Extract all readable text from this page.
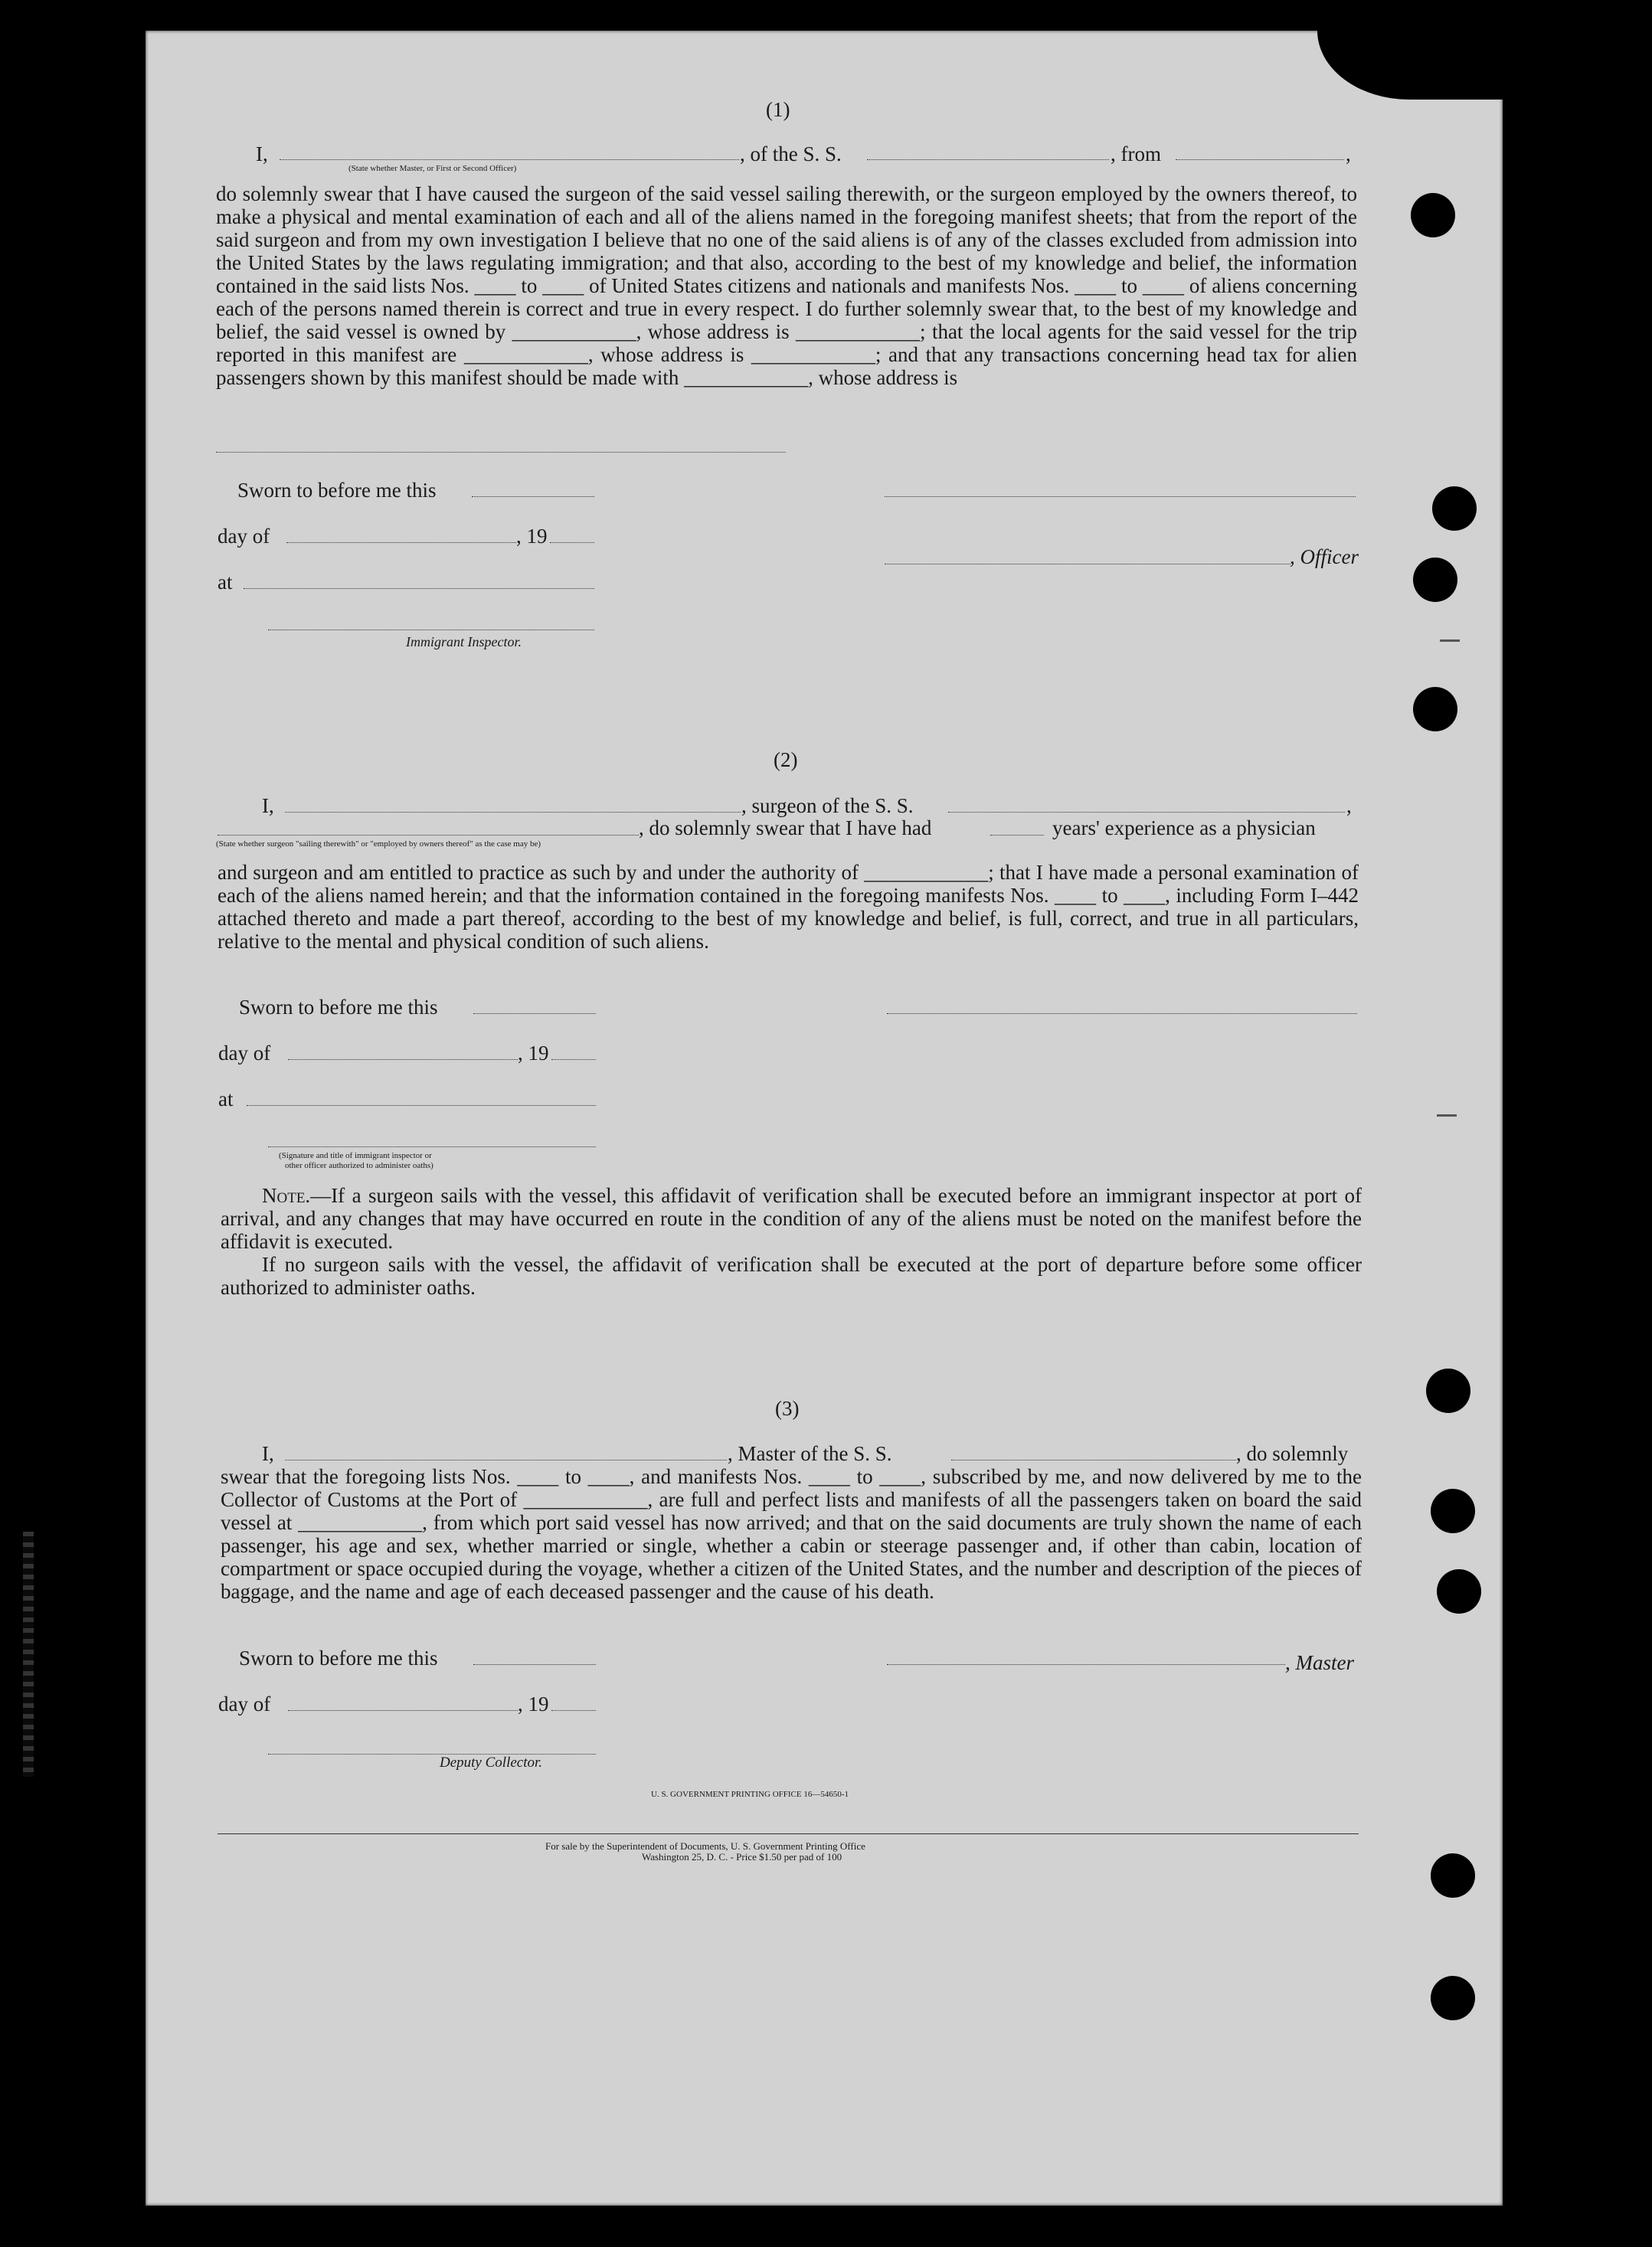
(1)
I,	, of the S. S.	, from	,
(State whether Master, or First or Second Officer)
do solemnly swear that I have caused the surgeon of the said vessel sailing therewith, or the surgeon employed by the owners thereof, to make a physical and mental examination of each and all of the aliens named in the foregoing manifest sheets; that from the report of the said surgeon and from my own investigation I believe that no one of the said aliens is of any of the classes excluded from admission into the United States by the laws regulating immigration; and that also, according to the best of my knowledge and belief, the information contained in the said lists Nos. ____ to ____ of United States citizens and nationals and manifests Nos. ____ to ____ of aliens concerning each of the persons named therein is correct and true in every respect. I do further solemnly swear that, to the best of my knowledge and belief, the said vessel is owned by ____________, whose address is ____________; that the local agents for the said vessel for the trip reported in this manifest are ____________, whose address is ____________; and that any transactions concerning head tax for alien passengers shown by this manifest should be made with ____________, whose address is
Sworn to before me this
day of	, 19
, Officer
at
Immigrant Inspector.
(2)
I,	, surgeon of the S. S.	,
, do solemnly swear that I have had	years' experience as a physician
(State whether surgeon "sailing therewith" or "employed by owners thereof" as the case may be)
and surgeon and am entitled to practice as such by and under the authority of ____________; that I have made a personal examination of each of the aliens named herein; and that the information contained in the foregoing manifests Nos. ____ to ____, including Form I–442 attached thereto and made a part thereof, according to the best of my knowledge and belief, is full, correct, and true in all particulars, relative to the mental and physical condition of such aliens.
Sworn to before me this
day of	, 19
at
(Signature and title of immigrant inspector or
other officer authorized to administer oaths)
Note.—If a surgeon sails with the vessel, this affidavit of verification shall be executed before an immigrant inspector at port of arrival, and any changes that may have occurred en route in the condition of any of the aliens must be noted on the manifest before the affidavit is executed.
If no surgeon sails with the vessel, the affidavit of verification shall be executed at the port of departure before some officer authorized to administer oaths.
(3)
I,	, Master of the S. S.	, do solemnly
swear that the foregoing lists Nos. ____ to ____, and manifests Nos. ____ to ____, subscribed by me, and now delivered by me to the Collector of Customs at the Port of ____________, are full and perfect lists and manifests of all the passengers taken on board the said vessel at ____________, from which port said vessel has now arrived; and that on the said documents are truly shown the name of each passenger, his age and sex, whether married or single, whether a cabin or steerage passenger and, if other than cabin, location of compartment or space occupied during the voyage, whether a citizen of the United States, and the number and description of the pieces of baggage, and the name and age of each deceased passenger and the cause of his death.
Sworn to before me this	, Master
day of	, 19
Deputy Collector.
U. S. GOVERNMENT PRINTING OFFICE 16—54650-1
For sale by the Superintendent of Documents, U. S. Government Printing Office
Washington 25, D. C. - Price $1.50 per pad of 100
